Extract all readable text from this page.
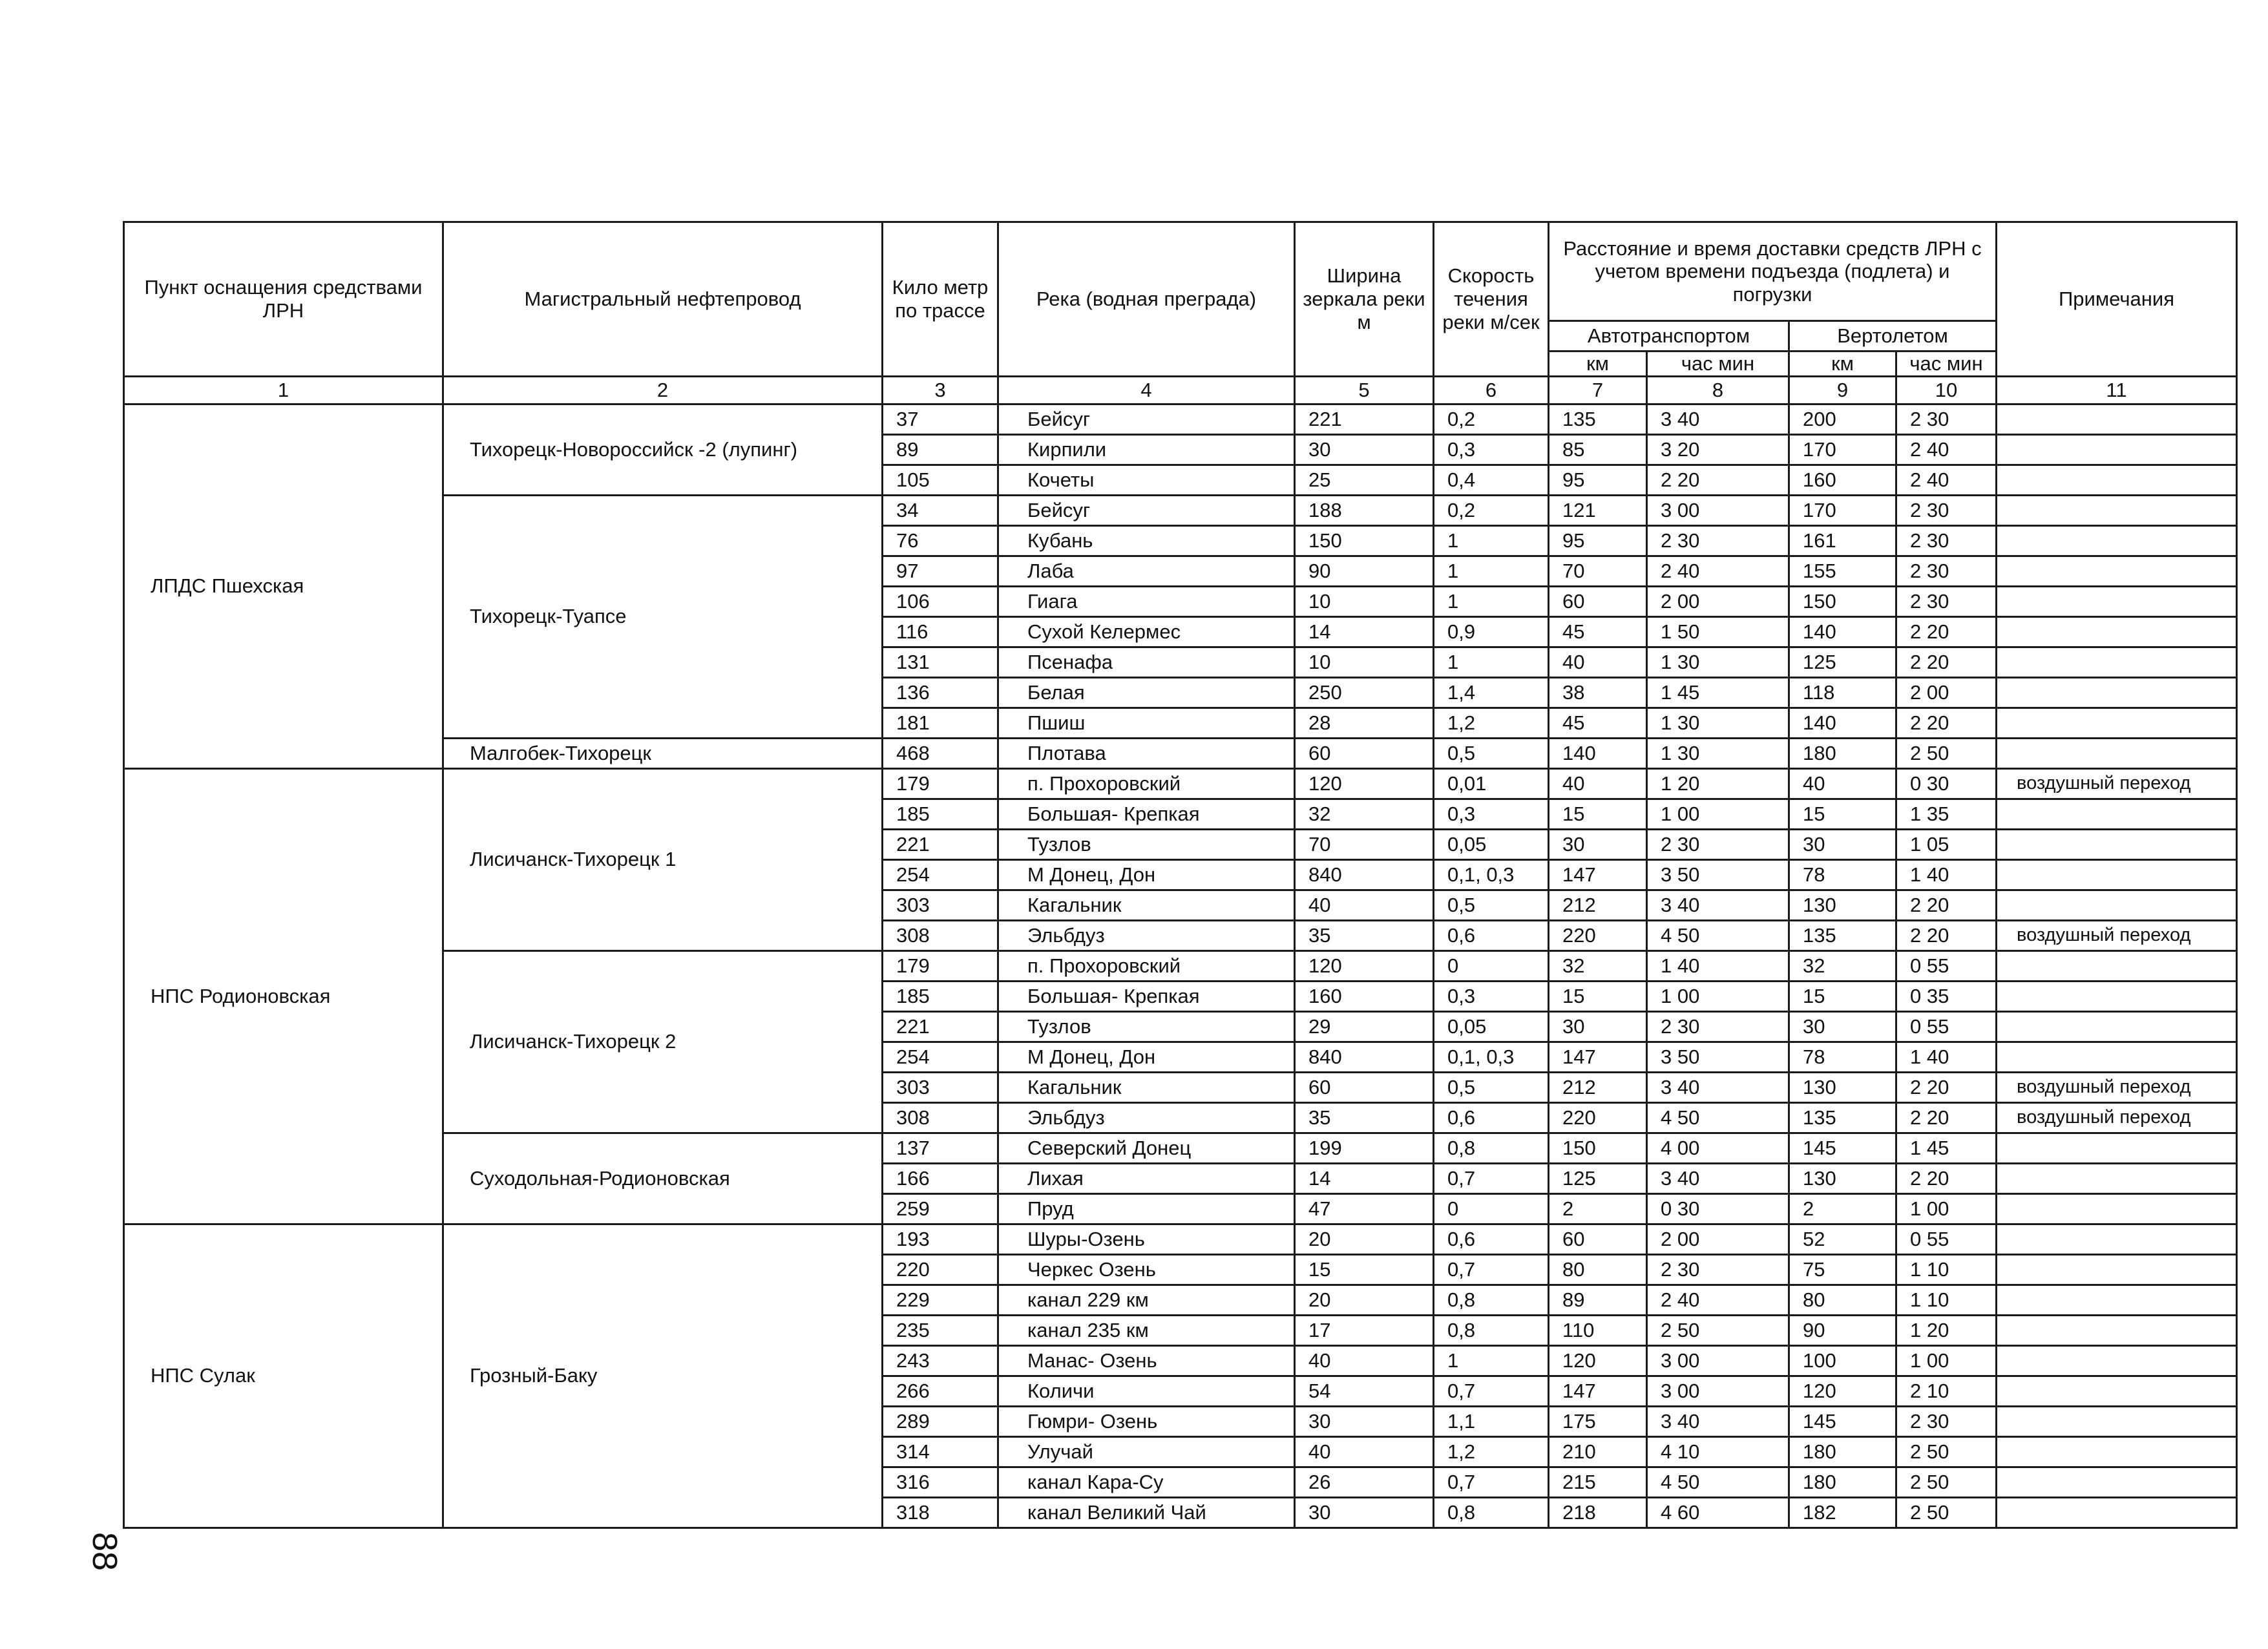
Пункт оснащения средствами ЛРН	Магистральный нефтепровод	Кило метр по трассе	Река (водная преграда)	Ширина зеркала реки м	Скорость течения реки м/сек	Расстояние и время доставки средств ЛРН с учетом времени подъезда (подлета) и погрузки				Примечания
						Автотранспортом		Вертолетом		
						км	час мин	км	час мин	
1	2	3	4	5	6	7	8	9	10	11
ЛПДС Пшехская	Тихорецк-Новороссийск -2 (лупинг)	37	Бейсуг	221	0,2	135	3 40	200	2 30	
		89	Кирпили	30	0,3	85	3 20	170	2 40	
		105	Кочеты	25	0,4	95	2 20	160	2 40	
	Тихорецк-Туапсе	34	Бейсуг	188	0,2	121	3 00	170	2 30	
		76	Кубань	150	1	95	2 30	161	2 30	
		97	Лаба	90	1	70	2 40	155	2 30	
		106	Гиага	10	1	60	2 00	150	2 30	
		116	Сухой Келермес	14	0,9	45	1 50	140	2 20	
		131	Псенафа	10	1	40	1 30	125	2 20	
		136	Белая	250	1,4	38	1 45	118	2 00	
		181	Пшиш	28	1,2	45	1 30	140	2 20	
	Малгобек-Тихорецк	468	Плотава	60	0,5	140	1 30	180	2 50	
НПС Родионовская	Лисичанск-Тихорецк 1	179	п. Прохоровский	120	0,01	40	1 20	40	0 30	воздушный переход
		185	Большая- Крепкая	32	0,3	15	1 00	15	1 35	
		221	Тузлов	70	0,05	30	2 30	30	1 05	
		254	М Донец, Дон	840	0,1, 0,3	147	3 50	78	1 40	
		303	Кагальник	40	0,5	212	3 40	130	2 20	
		308	Эльбдуз	35	0,6	220	4 50	135	2 20	воздушный переход
	Лисичанск-Тихорецк 2	179	п. Прохоровский	120	0	32	1 40	32	0 55	
		185	Большая- Крепкая	160	0,3	15	1 00	15	0 35	
		221	Тузлов	29	0,05	30	2 30	30	0 55	
		254	М Донец, Дон	840	0,1, 0,3	147	3 50	78	1 40	
		303	Кагальник	60	0,5	212	3 40	130	2 20	воздушный переход
		308	Эльбдуз	35	0,6	220	4 50	135	2 20	воздушный переход
	Суходольная-Родионовская	137	Северский Донец	199	0,8	150	4 00	145	1 45	
		166	Лихая	14	0,7	125	3 40	130	2 20	
		259	Пруд	47	0	2	0 30	2	1 00	
НПС Сулак	Грозный-Баку	193	Шуры-Озень	20	0,6	60	2 00	52	0 55	
		220	Черкес Озень	15	0,7	80	2 30	75	1 10	
		229	канал 229 км	20	0,8	89	2 40	80	1 10	
		235	канал 235 км	17	0,8	110	2 50	90	1 20	
		243	Манас- Озень	40	1	120	3 00	100	1 00	
		266	Количи	54	0,7	147	3 00	120	2 10	
		289	Гюмри- Озень	30	1,1	175	3 40	145	2 30	
		314	Улучай	40	1,2	210	4 10	180	2 50	
		316	канал Кара-Су	26	0,7	215	4 50	180	2 50	
		318	канал Великий Чай	30	0,8	218	4 60	182	2 50	
88
